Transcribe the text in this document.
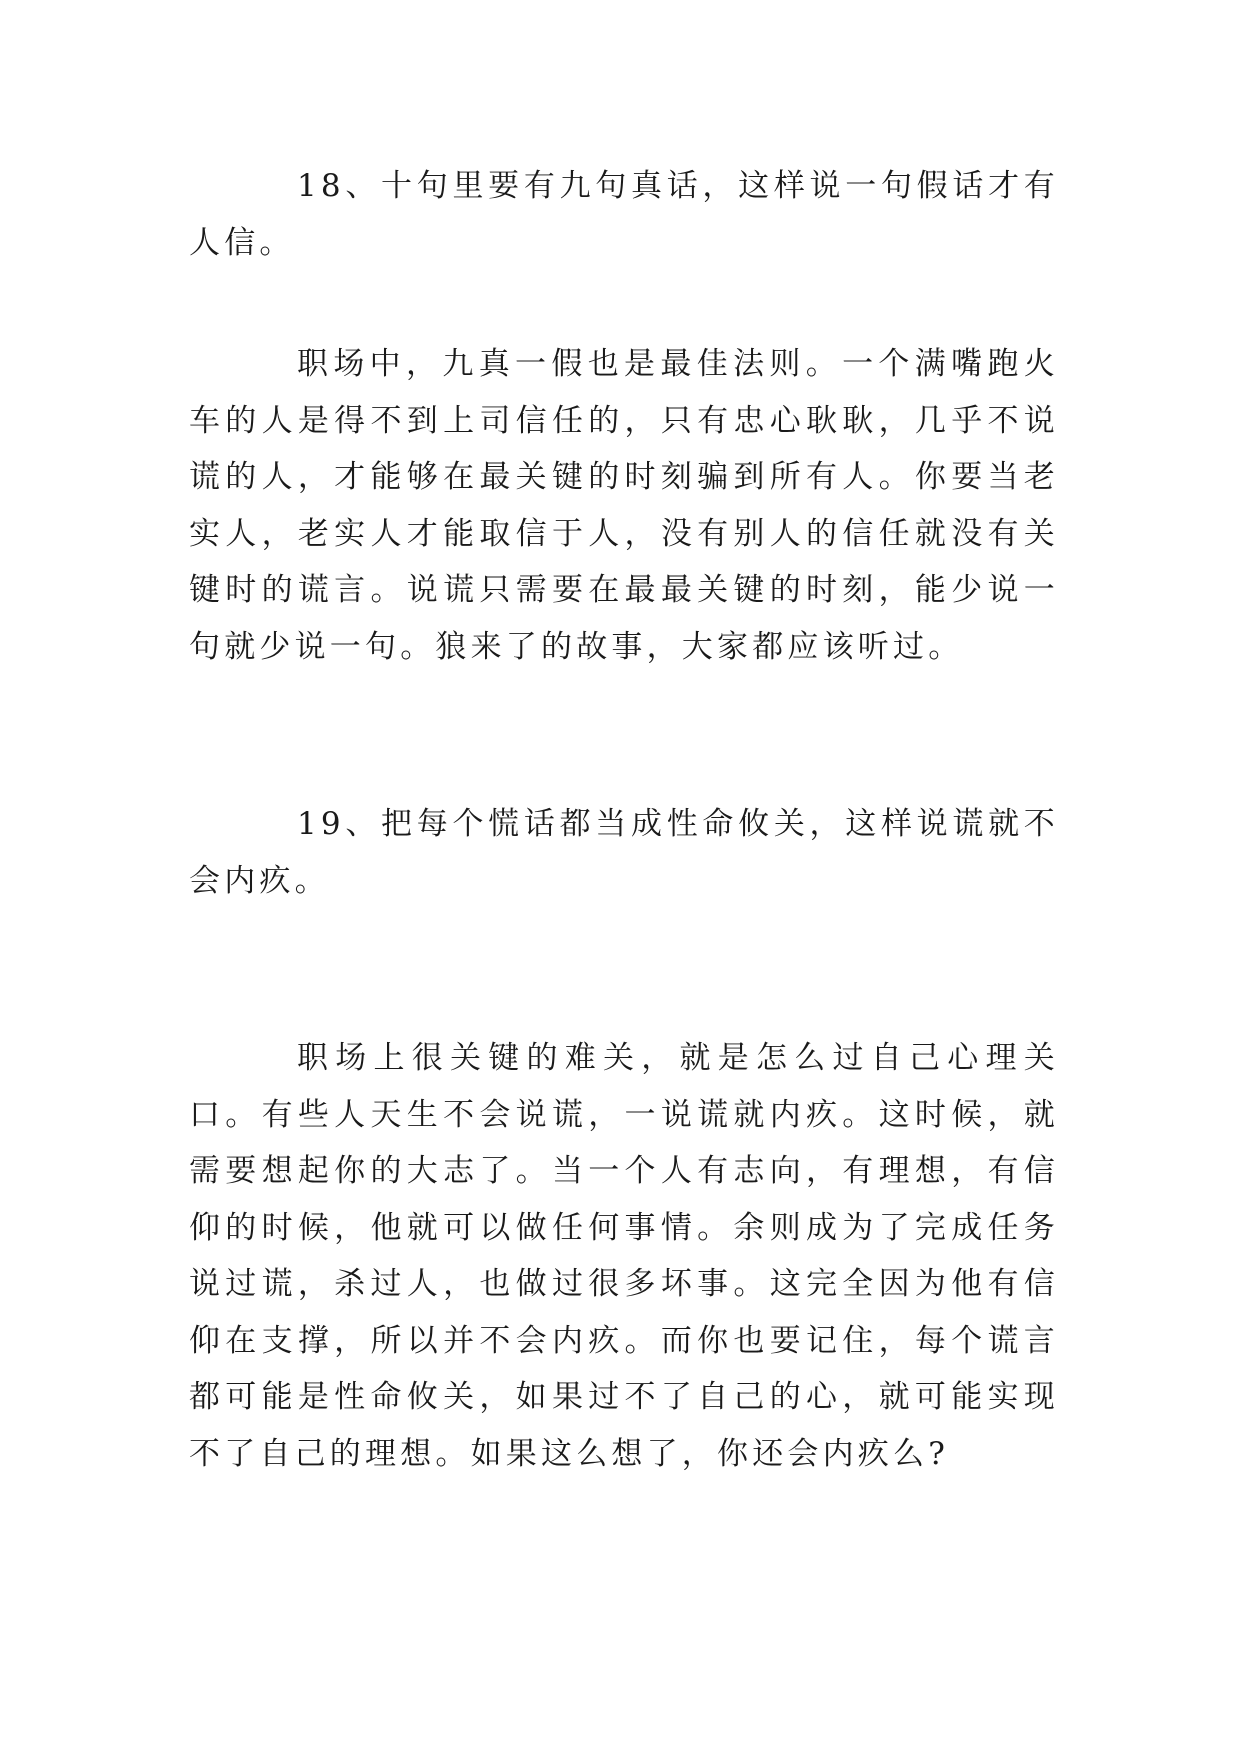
18、十句里要有九句真话，这样说一句假话才有人信。

职场中，九真一假也是最佳法则。一个满嘴跑火车的人是得不到上司信任的，只有忠心耿耿，几乎不说谎的人，才能够在最关键的时刻骗到所有人。你要当老实人，老实人才能取信于人，没有别人的信任就没有关键时的谎言。说谎只需要在最最关键的时刻，能少说一句就少说一句。狼来了的故事，大家都应该听过。

19、把每个慌话都当成性命攸关，这样说谎就不会内疚。

职场上很关键的难关，就是怎么过自己心理关口。有些人天生不会说谎，一说谎就内疚。这时候，就需要想起你的大志了。当一个人有志向，有理想，有信仰的时候，他就可以做任何事情。余则成为了完成任务说过谎，杀过人，也做过很多坏事。这完全因为他有信仰在支撑，所以并不会内疚。而你也要记住，每个谎言都可能是性命攸关，如果过不了自己的心，就可能实现不了自己的理想。如果这么想了，你还会内疚么?
